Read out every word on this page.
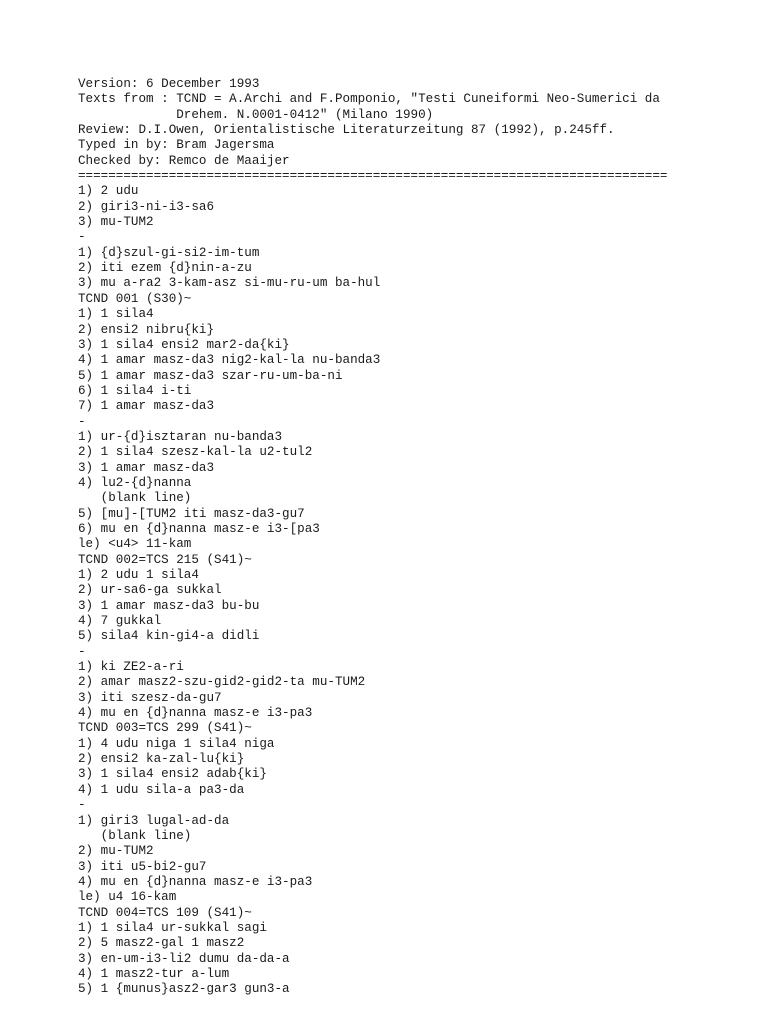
Version: 6 December 1993
Texts from : TCND = A.Archi and F.Pomponio, "Testi Cuneiformi Neo-Sumerici da
Drehem. N.0001-0412" (Milano 1990)
Review: D.I.Owen, Orientalistische Literaturzeitung 87 (1992), p.245ff.
Typed in by: Bram Jagersma
Checked by: Remco de Maaijer
==============================================================================
1) 2 udu
2) giri3-ni-i3-sa6
3) mu-TUM2
-
1) {d}szul-gi-si2-im-tum
2) iti ezem {d}nin-a-zu
3) mu a-ra2 3-kam-asz si-mu-ru-um ba-hul
TCND 001 (S30)~
1) 1 sila4
2) ensi2 nibru{ki}
3) 1 sila4 ensi2 mar2-da{ki}
4) 1 amar masz-da3 nig2-kal-la nu-banda3
5) 1 amar masz-da3 szar-ru-um-ba-ni
6) 1 sila4 i-ti
7) 1 amar masz-da3
-
1) ur-{d}isztaran nu-banda3
2) 1 sila4 szesz-kal-la u2-tul2
3) 1 amar masz-da3
4) lu2-{d}nanna
(blank line)
5) [mu]-[TUM2 iti masz-da3-gu7
6) mu en {d}nanna masz-e i3-[pa3
le) <u4> 11-kam
TCND 002=TCS 215 (S41)~
1) 2 udu 1 sila4
2) ur-sa6-ga sukkal
3) 1 amar masz-da3 bu-bu
4) 7 gukkal
5) sila4 kin-gi4-a didli
-
1) ki ZE2-a-ri
2) amar masz2-szu-gid2-gid2-ta mu-TUM2
3) iti szesz-da-gu7
4) mu en {d}nanna masz-e i3-pa3
TCND 003=TCS 299 (S41)~
1) 4 udu niga 1 sila4 niga
2) ensi2 ka-zal-lu{ki}
3) 1 sila4 ensi2 adab{ki}
4) 1 udu sila-a pa3-da
-
1) giri3 lugal-ad-da
(blank line)
2) mu-TUM2
3) iti u5-bi2-gu7
4) mu en {d}nanna masz-e i3-pa3
le) u4 16-kam
TCND 004=TCS 109 (S41)~
1) 1 sila4 ur-sukkal sagi
2) 5 masz2-gal 1 masz2
3) en-um-i3-li2 dumu da-da-a
4) 1 masz2-tur a-lum
5) 1 {munus}asz2-gar3 gun3-a
